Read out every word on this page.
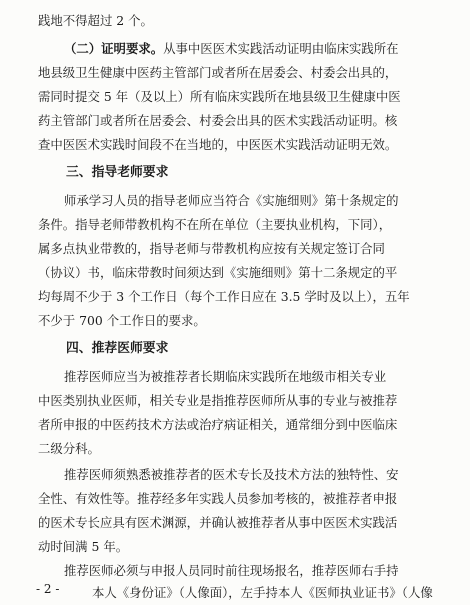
践地不得超过 2 个。
（二）证明要求。从事中医医术实践活动证明由临床实践所在
地县级卫生健康中医药主管部门或者所在居委会、村委会出具的，
需同时提交 5 年（及以上）所有临床实践所在地县级卫生健康中医
药主管部门或者所在居委会、村委会出具的医术实践活动证明。核
查中医医术实践时间段不在当地的，中医医术实践活动证明无效。
三、指导老师要求
师承学习人员的指导老师应当符合《实施细则》第十条规定的
条件。指导老师带教机构不在所在单位（主要执业机构，下同），
属多点执业带教的，指导老师与带教机构应按有关规定签订合同
（协议）书，临床带教时间须达到《实施细则》第十二条规定的平
均每周不少于 3 个工作日（每个工作日应在 3.5 学时及以上），五年
不少于 700 个工作日的要求。
四、推荐医师要求
推荐医师应当为被推荐者长期临床实践所在地级市相关专业
中医类别执业医师，相关专业是指推荐医师所从事的专业与被推荐
者所申报的中医药技术方法或治疗病证相关，通常细分到中医临床
二级分科。
推荐医师须熟悉被推荐者的医术专长及技术方法的独特性、安
全性、有效性等。推荐经多年实践人员参加考核的，被推荐者申报
的医术专长应具有医术渊源，并确认被推荐者从事中医医术实践活
动时间满 5 年。
推荐医师必须与申报人员同时前往现场报名，推荐医师右手持
本人《身份证》（人像面），左手持本人《医师执业证书》（人像
- 2 -
